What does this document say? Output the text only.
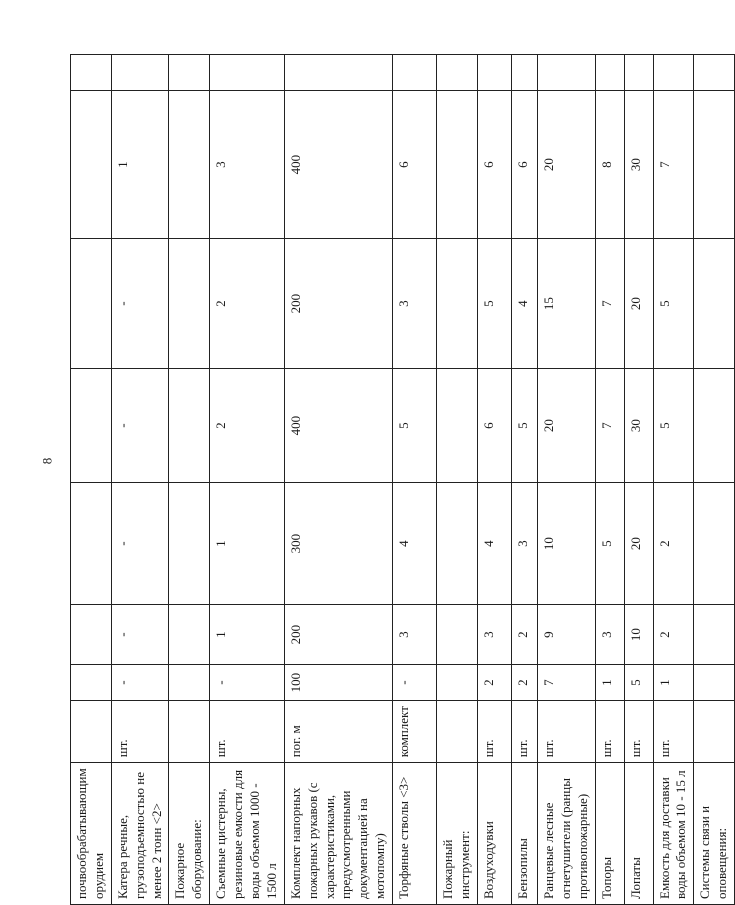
8
почвообрабатывающим орудием								
Катера речные, грузоподъемностью не менее 2 тонн <2>	шт.	-	-	-	-	-	1	
Пожарное оборудование:								
Съемные цистерны, резиновые емкости для воды объемом 1000 - 1500 л	шт.	-	1	1	2	2	3	
Комплект напорных пожарных рукавов (с характеристиками, предусмотренными документацией на мотопомпу)	пог. м	100	200	300	400	200	400	
Торфяные стволы <3>	комплект	-	3	4	5	3	6	
Пожарный инструмент:								
Воздуходувки	шт.	2	3	4	6	5	6	
Бензопилы	шт.	2	2	3	5	4	6	
Ранцевые лесные огнетушители (ранцы противопожарные)	шт.	7	9	10	20	15	20	
Топоры	шт.	1	3	5	7	7	8	
Лопаты	шт.	5	10	20	30	20	30	
Емкость для доставки воды объемом 10 - 15 л	шт.	1	2	2	5	5	7	
Системы связи и оповещения:								
